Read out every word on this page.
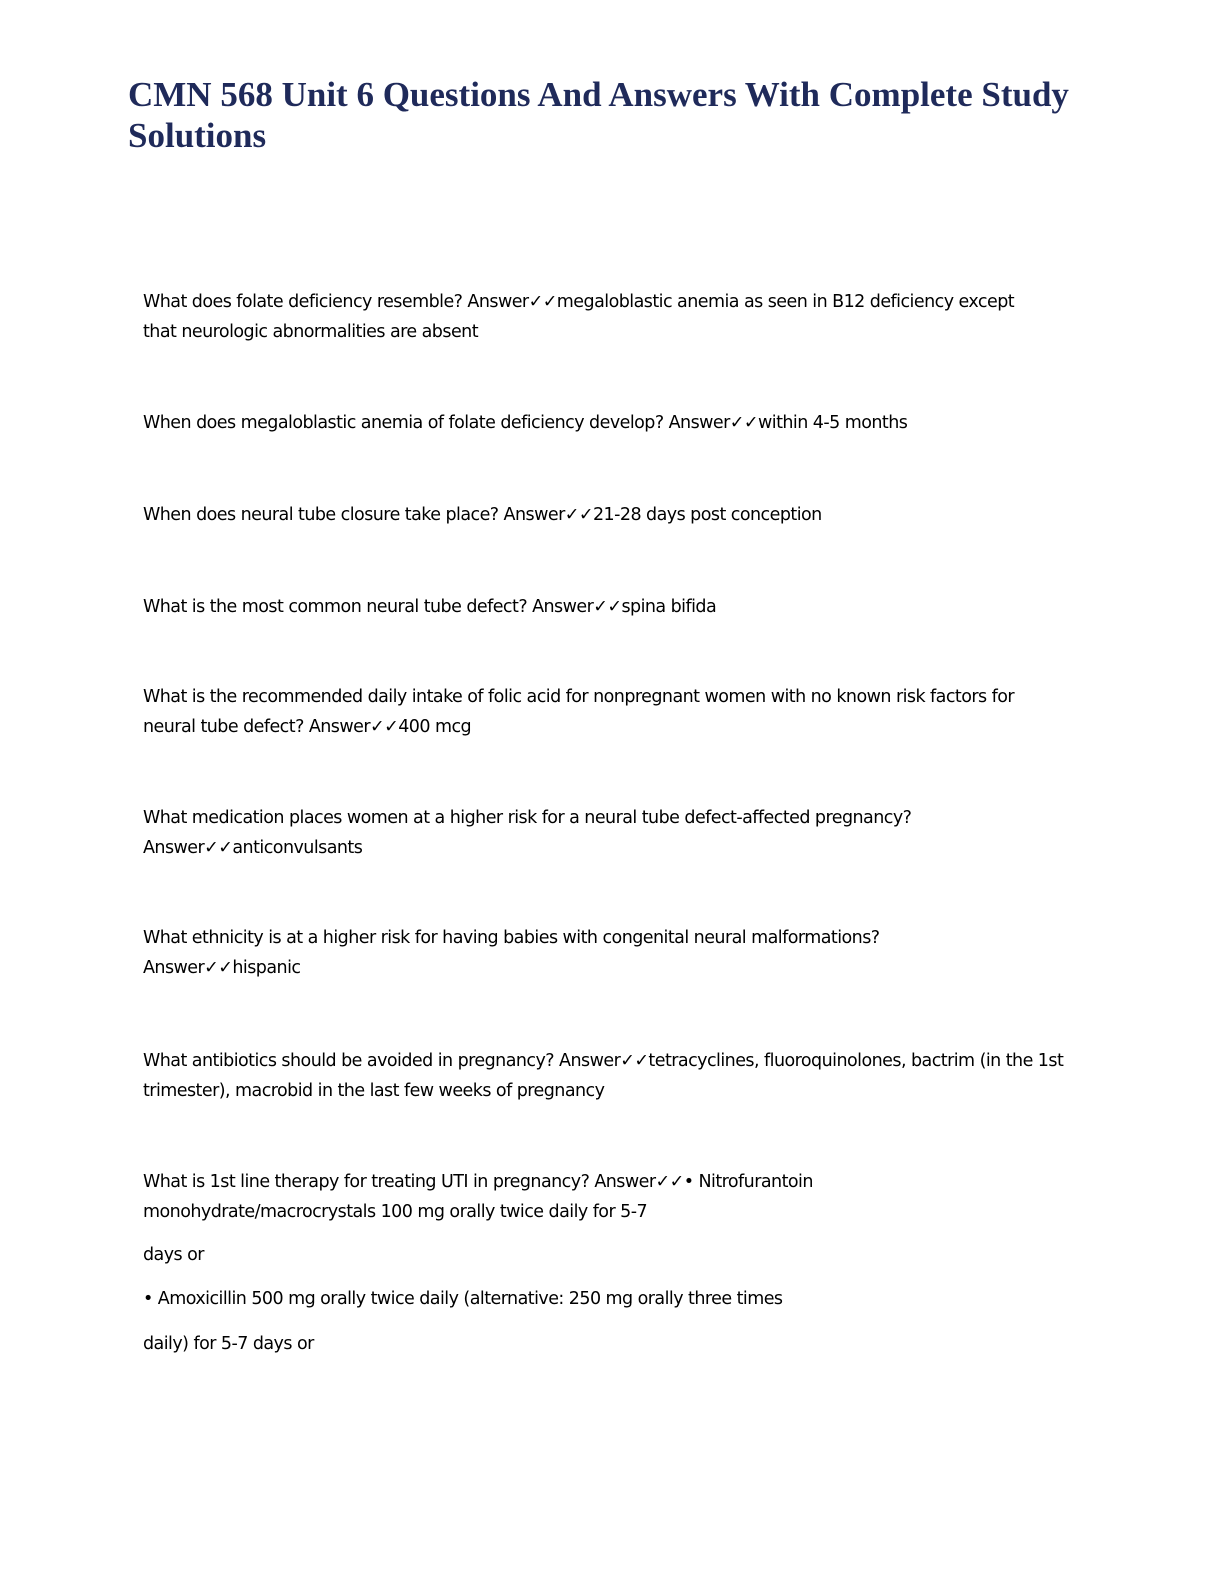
CMN 568 Unit 6 Questions And Answers With Complete Study Solutions

What does folate deficiency resemble? Answer✓✓megaloblastic anemia as seen in B12 deficiency except that neurologic abnormalities are absent

When does megaloblastic anemia of folate deficiency develop? Answer✓✓within 4-5 months

When does neural tube closure take place? Answer✓✓21-28 days post conception

What is the most common neural tube defect? Answer✓✓spina bifida

What is the recommended daily intake of folic acid for nonpregnant women with no known risk factors for neural tube defect? Answer✓✓400 mcg

What medication places women at a higher risk for a neural tube defect-affected pregnancy? Answer✓✓anticonvulsants

What ethnicity is at a higher risk for having babies with congenital neural malformations? Answer✓✓hispanic

What antibiotics should be avoided in pregnancy? Answer✓✓tetracyclines, fluoroquinolones, bactrim (in the 1st trimester), macrobid in the last few weeks of pregnancy

What is 1st line therapy for treating UTI in pregnancy? Answer✓✓• Nitrofurantoin monohydrate/macrocrystals 100 mg orally twice daily for 5-7

days or

• Amoxicillin 500 mg orally twice daily (alternative: 250 mg orally three times

daily) for 5-7 days or
